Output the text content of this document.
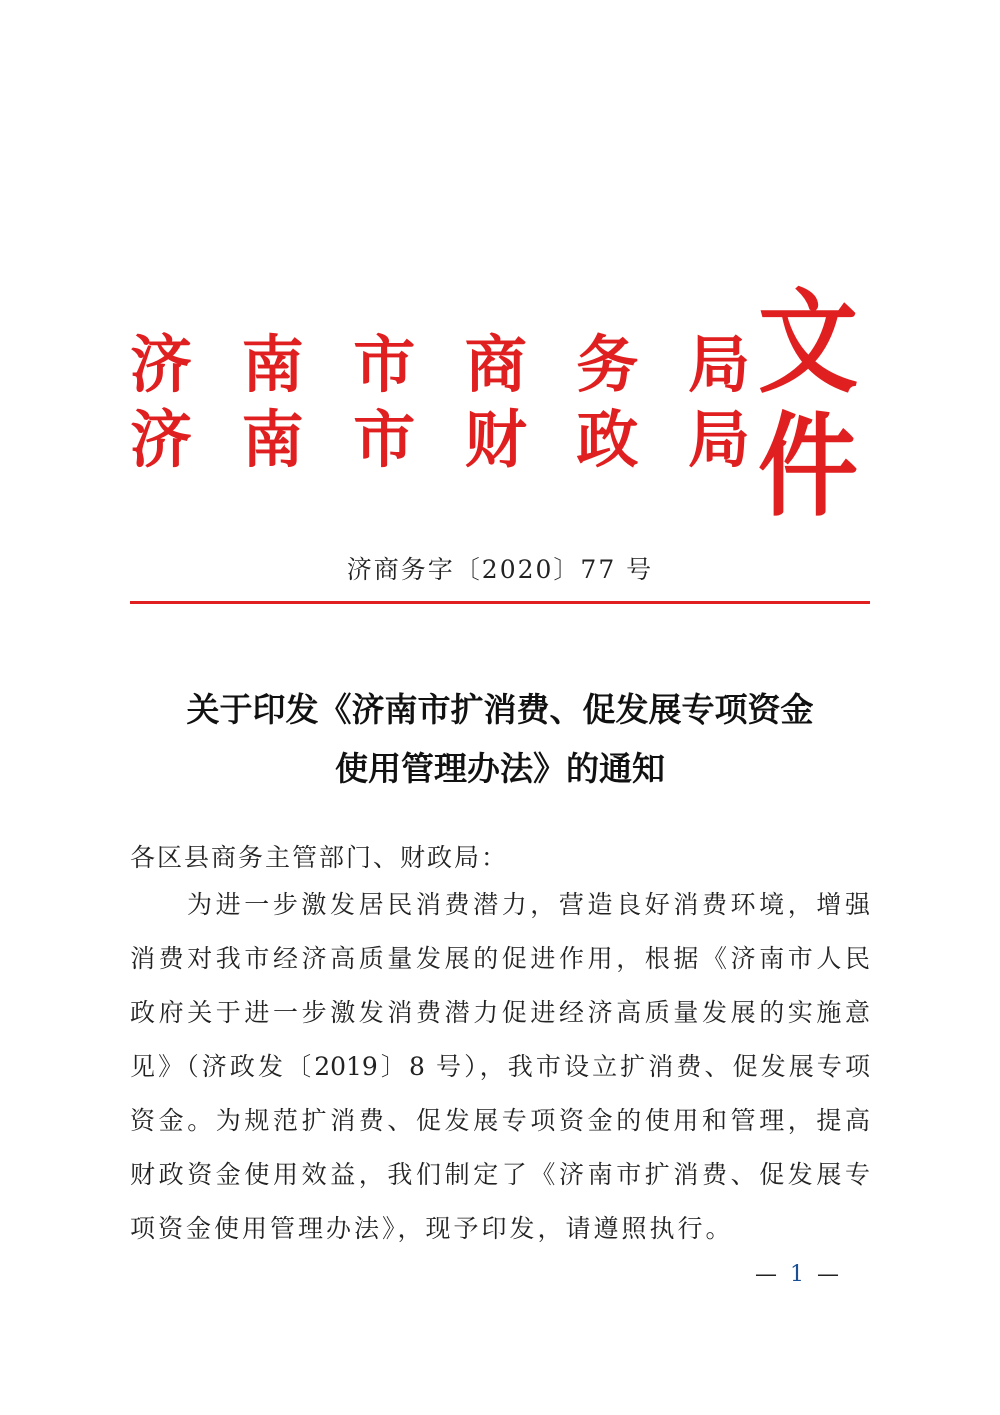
济 南 市 商 务 局
济 南 市 财 政 局
文件
济商务字〔2020〕77 号
关于印发《济南市扩消费、促发展专项资金
使用管理办法》的通知
各区县商务主管部门、财政局：
为进一步激发居民消费潜力，营造良好消费环境，增强
消费对我市经济高质量发展的促进作用，根据《济南市人民
政府关于进一步激发消费潜力促进经济高质量发展的实施意
见》（济政发〔2019〕8 号），我市设立扩消费、促发展专项
资金。为规范扩消费、促发展专项资金的使用和管理，提高
财政资金使用效益，我们制定了《济南市扩消费、促发展专
项资金使用管理办法》，现予印发，请遵照执行。
— 1 —
